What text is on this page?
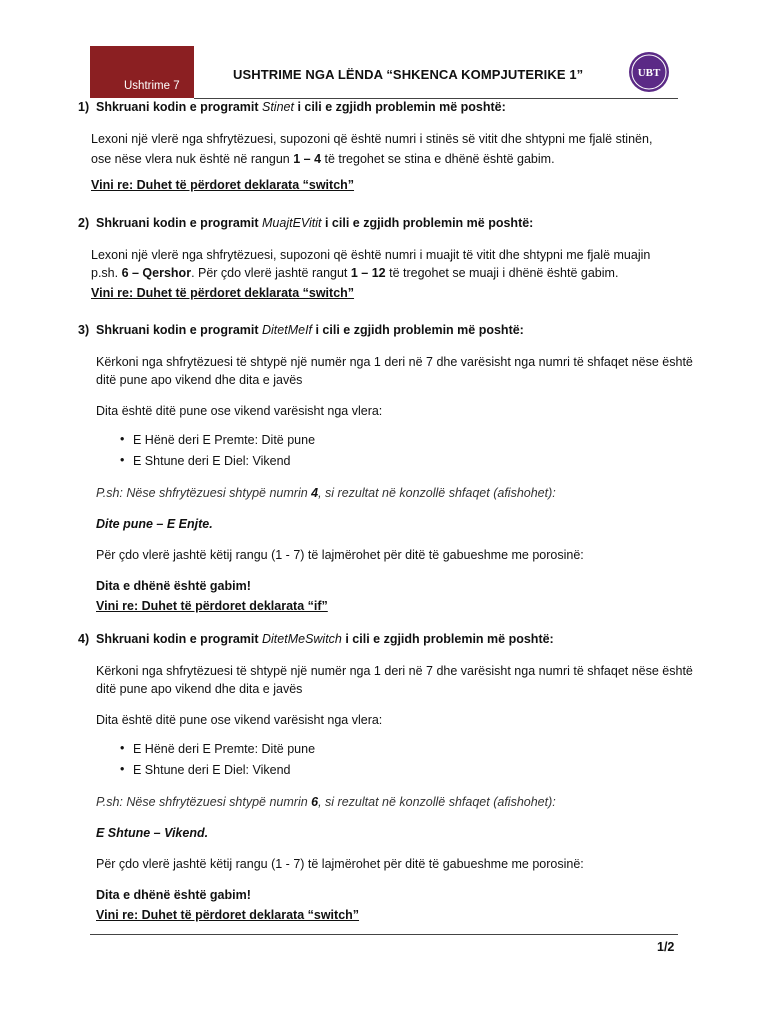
Ushtrime 7
USHTRIME NGA LËNDA “SHKENCA KOMPJUTERIKE 1”	UBT
1) Shkruani kodin e programit Stinet i cili e zgjidh problemin më poshtë:
Lexoni një vlerë nga shfrytëzuesi, supozoni që është numri i stinës së vitit dhe shtypni me fjalë stinën,
ose nëse vlera nuk është në rangun 1 – 4 të tregohet se stina e dhënë është gabim.
Vini re: Duhet të përdoret deklarata “switch”
2) Shkruani kodin e programit MuajtEVitit i cili e zgjidh problemin më poshtë:
Lexoni një vlerë nga shfrytëzuesi, supozoni që është numri i muajit të vitit dhe shtypni me fjalë muajin
p.sh. 6 – Qershor. Për çdo vlerë jashtë rangut 1 – 12 të tregohet se muaji i dhënë është gabim.
Vini re: Duhet të përdoret deklarata “switch”
3) Shkruani kodin e programit DitetMeIf i cili e zgjidh problemin më poshtë:
Kërkoni nga shfrytëzuesi të shtypë një numër nga 1 deri në 7 dhe varësisht nga numri të shfaqet nëse është
ditë pune apo vikend dhe dita e javës
Dita është ditë pune ose vikend varësisht nga vlera:
• E Hënë deri E Premte: Ditë pune
• E Shtune deri E Diel: Vikend
P.sh: Nëse shfrytëzuesi shtypë numrin 4, si rezultat në konzollë shfaqet (afishohet):
Dite pune – E Enjte.
Për çdo vlerë jashtë këtij rangu (1 - 7) të lajmërohet për ditë të gabueshme me porosinë:
Dita e dhënë është gabim!
Vini re: Duhet të përdoret deklarata “if”
4) Shkruani kodin e programit DitetMeSwitch i cili e zgjidh problemin më poshtë:
Kërkoni nga shfrytëzuesi të shtypë një numër nga 1 deri në 7 dhe varësisht nga numri të shfaqet nëse është
ditë pune apo vikend dhe dita e javës
Dita është ditë pune ose vikend varësisht nga vlera:
• E Hënë deri E Premte: Ditë pune
• E Shtune deri E Diel: Vikend
P.sh: Nëse shfrytëzuesi shtypë numrin 6, si rezultat në konzollë shfaqet (afishohet):
E Shtune – Vikend.
Për çdo vlerë jashtë këtij rangu (1 - 7) të lajmërohet për ditë të gabueshme me porosinë:
Dita e dhënë është gabim!
Vini re: Duhet të përdoret deklarata “switch”
1/2
